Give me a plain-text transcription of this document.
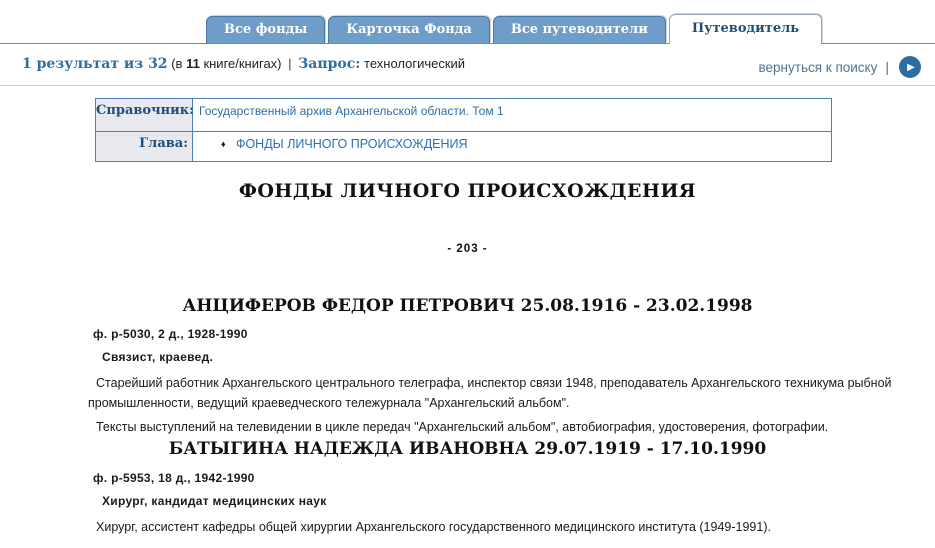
Все фонды	Карточка Фонда	Все путеводители	Путеводитель
1 результат из 32 (в 11 книге/книгах) | Запрос: технологический	вернуться к поиску | ▶
Справочник:	Государственный архив Архангельской области. Том 1
Глава:	♦ ФОНДЫ ЛИЧНОГО ПРОИСХОЖДЕНИЯ
ФОНДЫ ЛИЧНОГО ПРОИСХОЖДЕНИЯ
- 203 -
АНЦИФЕРОВ ФЕДОР ПЕТРОВИЧ 25.08.1916 - 23.02.1998
ф. р-5030, 2 д., 1928-1990
Связист, краевед.
Старейший работник Архангельского центрального телеграфа, инспектор связи 1948, преподаватель Архангельского техникума рыбной промышленности, ведущий краеведческого тележурнала "Архангельский альбом".
Тексты выступлений на телевидении в цикле передач "Архангельский альбом", автобиография, удостоверения, фотографии.
БАТЫГИНА НАДЕЖДА ИВАНОВНА 29.07.1919 - 17.10.1990
ф. р-5953, 18 д., 1942-1990
Хирург, кандидат медицинских наук
Хирург, ассистент кафедры общей хирургии Архангельского государственного медицинского института (1949-1991).
